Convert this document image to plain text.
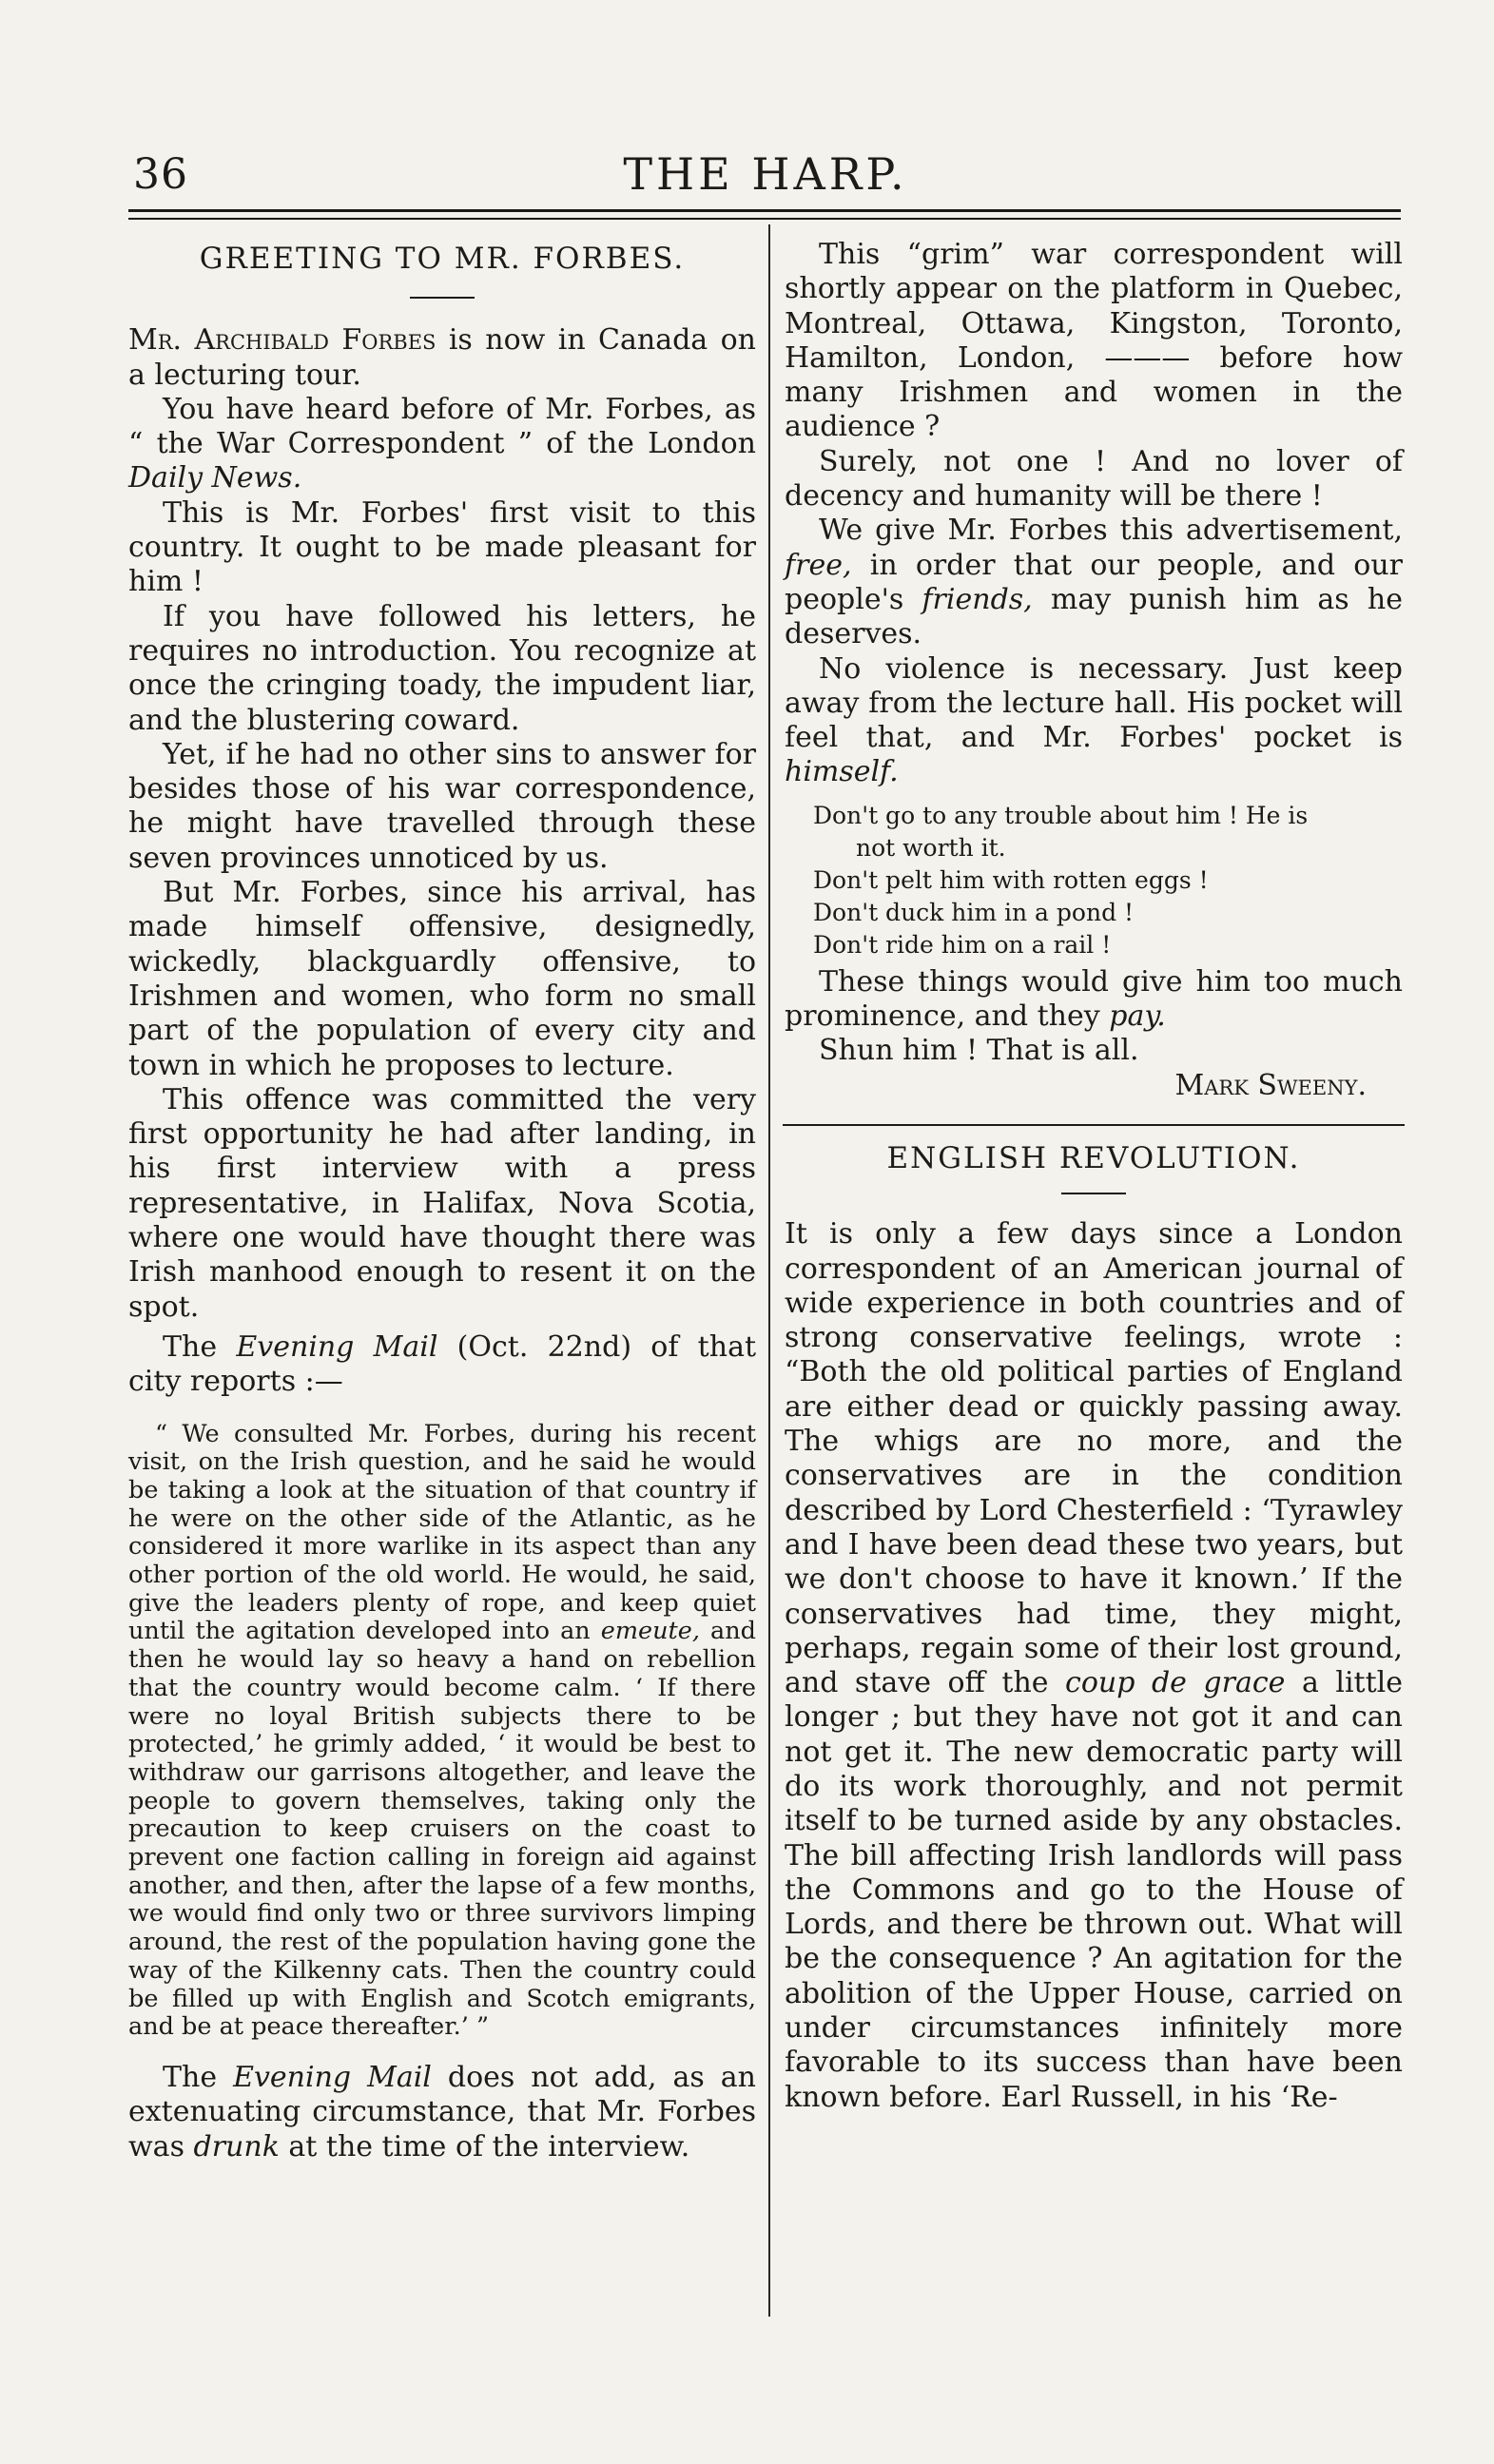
36	THE HARP.

GREETING TO MR. FORBES.

Mr. Archibald Forbes is now in Canada on a lecturing tour.

You have heard before of Mr. Forbes, as “ the War Correspondent ” of the London Daily News.

This is Mr. Forbes' first visit to this country. It ought to be made pleasant for him !

If you have followed his letters, he requires no introduction. You recognize at once the cringing toady, the impudent liar, and the blustering coward.

Yet, if he had no other sins to answer for besides those of his war correspondence, he might have travelled through these seven provinces unnoticed by us.

But Mr. Forbes, since his arrival, has made himself offensive, designedly, wickedly, blackguardly offensive, to Irishmen and women, who form no small part of the population of every city and town in which he proposes to lecture.

This offence was committed the very first opportunity he had after landing, in his first interview with a press representative, in Halifax, Nova Scotia, where one would have thought there was Irish manhood enough to resent it on the spot.

The Evening Mail (Oct. 22nd) of that city reports :—

“ We consulted Mr. Forbes, during his recent visit, on the Irish question, and he said he would be taking a look at the situation of that country if he were on the other side of the Atlantic, as he considered it more warlike in its aspect than any other portion of the old world. He would, he said, give the leaders plenty of rope, and keep quiet until the agitation developed into an emeute, and then he would lay so heavy a hand on rebellion that the country would become calm. ‘ If there were no loyal British subjects there to be protected,’ he grimly added, ‘ it would be best to withdraw our garrisons altogether, and leave the people to govern themselves, taking only the precaution to keep cruisers on the coast to prevent one faction calling in foreign aid against another, and then, after the lapse of a few months, we would find only two or three survivors limping around, the rest of the population having gone the way of the Kilkenny cats. Then the country could be filled up with English and Scotch emigrants, and be at peace thereafter.’ ”

The Evening Mail does not add, as an extenuating circumstance, that Mr. Forbes was drunk at the time of the interview.

This “grim” war correspondent will shortly appear on the platform in Quebec, Montreal, Ottawa, Kingston, Toronto, Hamilton, London, ——— before how many Irishmen and women in the audience ?

Surely, not one ! And no lover of decency and humanity will be there !

We give Mr. Forbes this advertisement, free, in order that our people, and our people's friends, may punish him as he deserves.

No violence is necessary. Just keep away from the lecture hall. His pocket will feel that, and Mr. Forbes' pocket is himself.

Don't go to any trouble about him ! He is
not worth it.
Don't pelt him with rotten eggs !
Don't duck him in a pond !
Don't ride him on a rail !

These things would give him too much prominence, and they pay.

Shun him ! That is all.

Mark Sweeny.

ENGLISH REVOLUTION.

It is only a few days since a London correspondent of an American journal of wide experience in both countries and of strong conservative feelings, wrote : “Both the old political parties of England are either dead or quickly passing away. The whigs are no more, and the conservatives are in the condition described by Lord Chesterfield : ‘Tyrawley and I have been dead these two years, but we don't choose to have it known.’ If the conservatives had time, they might, perhaps, regain some of their lost ground, and stave off the coup de grace a little longer ; but they have not got it and can not get it. The new democratic party will do its work thoroughly, and not permit itself to be turned aside by any obstacles. The bill affecting Irish landlords will pass the Commons and go to the House of Lords, and there be thrown out. What will be the consequence ? An agitation for the abolition of the Upper House, carried on under circumstances infinitely more favorable to its success than have been known before. Earl Russell, in his ‘Re-
